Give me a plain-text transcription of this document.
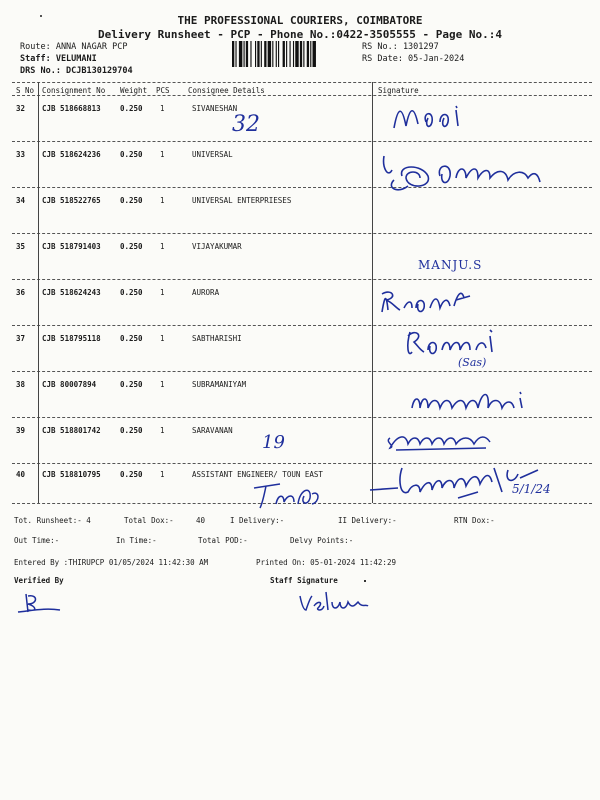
THE PROFESSIONAL COURIERS, COIMBATORE
Delivery Runsheet - PCP - Phone No.:0422-3505555 - Page No.:4
Route: ANNA NAGAR PCP
Staff: VELUMANI
DRS No.: DCJB130129704
RS No.: 1301297
RS Date: 05-Jan-2024
S No Consignment No Weight PCS Consignee Details	Signature
32 CJB 518668813	0.250 1	SIVANESHAN
33 CJB 518624236	0.250 1	UNIVERSAL
34 CJB 518522765	0.250 1	UNIVERSAL ENTERPRIESES
35 CJB 518791403	0.250 1	VIJAYAKUMAR
36 CJB 518624243	0.250 1	AURORA
37 CJB 518795118	0.250 1	SABTHARISHI
38 CJB 80007894	0.250 1	SUBRAMANIYAM
39 CJB 518801742	0.250 1	SARAVANAN
40 CJB 518810795	0.250 1	ASSISTANT ENGINEER/ TOUN EAST
32
19
MANJU.S
(Sas)
5/1/24
Tot. Runsheet:- 4	Total Dox:-	40	I Delivery:-	II Delivery:-	RTN Dox:-
Out Time:-	In Time:-	Total POD:-	Delvy Points:-
Entered By :THIRUPCP 01/05/2024 11:42:30 AM	Printed On: 05-01-2024 11:42:29
Verified By	Staff Signature
